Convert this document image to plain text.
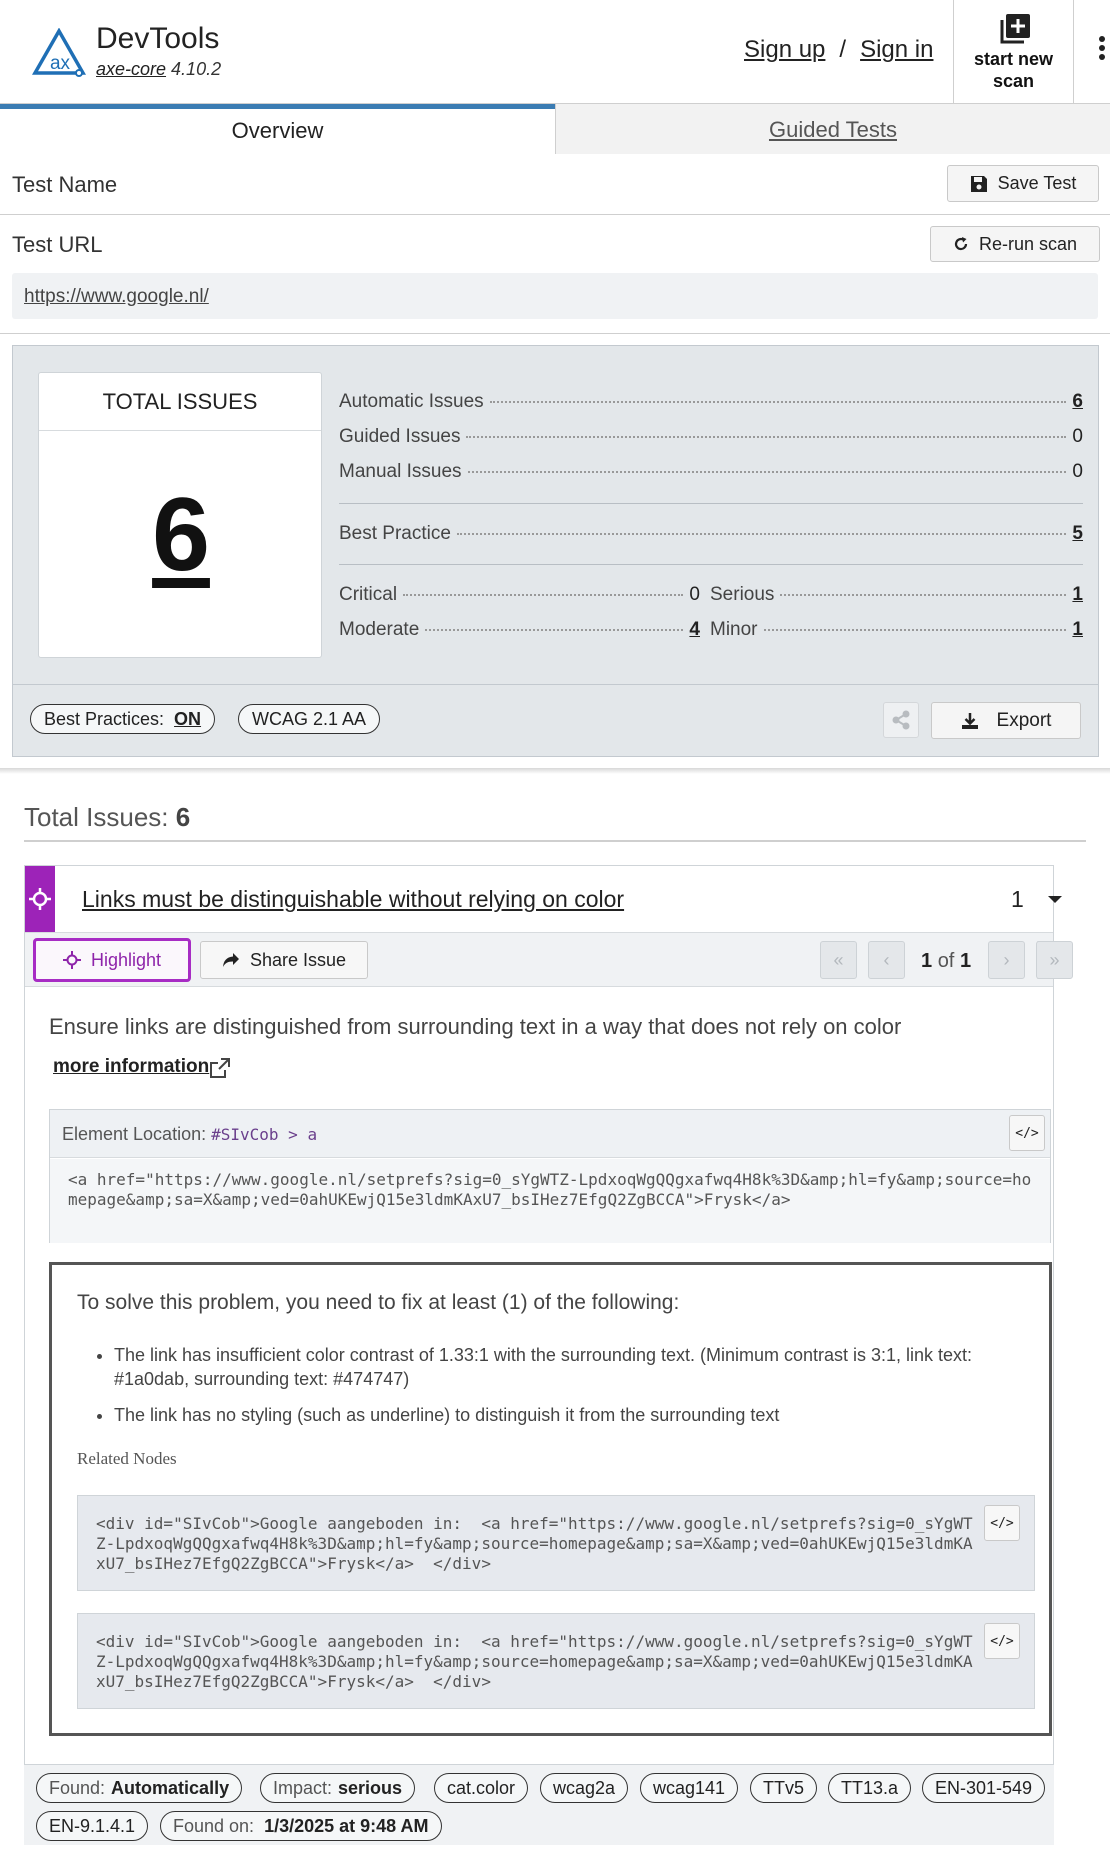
ax
DevTools
axe-core 4.10.2
Sign up / Sign in	start new
scan
Overview	Guided Tests
Test Name	Save Test
Test URL	Re-run scan
https://www.google.nl/
TOTAL ISSUES
6
Automatic Issues	6
Guided Issues	0
Manual Issues	0
Best Practice	5
Critical	0 Serious	1
Moderate	4 Minor	1
Best Practices: ON	WCAG 2.1 AA	Export
Total Issues: 6
Links must be distinguishable without relying on color	1
Highlight	Share Issue	«	‹	1 of 1	›	»
Ensure links are distinguished from surrounding text in a way that does not rely on color
more information
Element Location: #SIvCob > a	</>
<a href="https://www.google.nl/setprefs?sig=0_sYgWTZ-LpdxoqWgQQgxafwq4H8k%3D&amp;hl=fy&amp;source=homepage&amp;sa=X&amp;ved=0ahUKEwjQ15e3ldmKAxU7_bsIHez7EfgQ2ZgBCCA">Frysk</a>
To solve this problem, you need to fix at least (1) of the following:
• The link has insufficient color contrast of 1.33:1 with the surrounding text. (Minimum contrast is 3:1, link text: #1a0dab, surrounding text: #474747)
• The link has no styling (such as underline) to distinguish it from the surrounding text
Related Nodes
<div id="SIvCob">Google aangeboden in:  <a href="https://www.google.nl/setprefs?sig=0_sYgWTZ-LpdxoqWgQQgxafwq4H8k%3D&amp;hl=fy&amp;source=homepage&amp;sa=X&amp;ved=0ahUKEwjQ15e3ldmKAxU7_bsIHez7EfgQ2ZgBCCA">Frysk</a>  </div>
</>
<div id="SIvCob">Google aangeboden in:  <a href="https://www.google.nl/setprefs?sig=0_sYgWTZ-LpdxoqWgQQgxafwq4H8k%3D&amp;hl=fy&amp;source=homepage&amp;sa=X&amp;ved=0ahUKEwjQ15e3ldmKAxU7_bsIHez7EfgQ2ZgBCCA">Frysk</a>  </div>
</>
Found: Automatically Impact: serious	cat.color	wcag2a	wcag141	TTv5	TT13.a	EN-301-549
EN-9.1.4.1	Found on: 1/3/2025 at 9:48 AM
